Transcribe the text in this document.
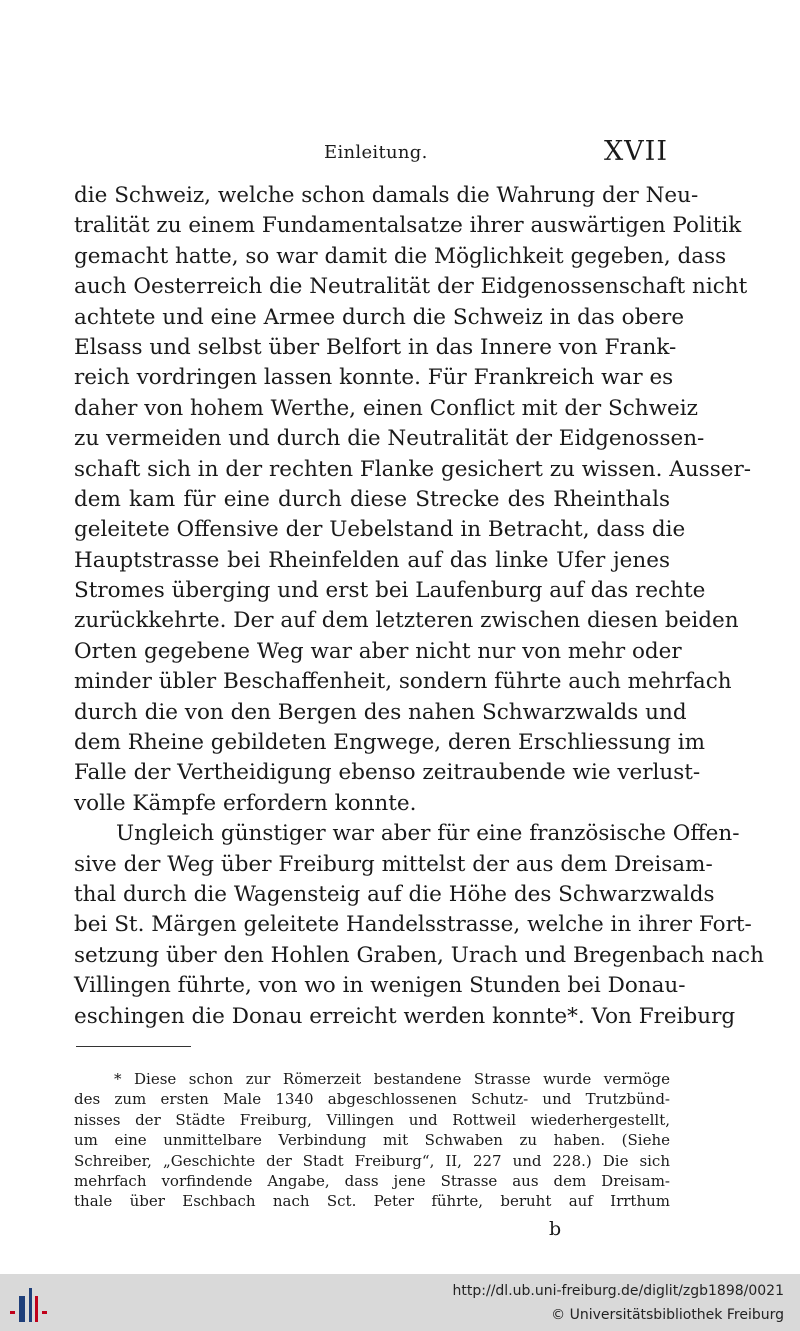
Einleitung.	XVII
die Schweiz, welche schon damals die Wahrung der Neu-
tralität zu einem Fundamentalsatze ihrer auswärtigen Politik
gemacht hatte, so war damit die Möglichkeit gegeben, dass
auch Oesterreich die Neutralität der Eidgenossenschaft nicht
achtete und eine Armee durch die Schweiz in das obere
Elsass und selbst über Belfort in das Innere von Frank-
reich vordringen lassen konnte. Für Frankreich war es
daher von hohem Werthe, einen Conflict mit der Schweiz
zu vermeiden und durch die Neutralität der Eidgenossen-
schaft sich in der rechten Flanke gesichert zu wissen. Ausser-
dem kam für eine durch diese Strecke des Rheinthals
geleitete Offensive der Uebelstand in Betracht, dass die
Hauptstrasse bei Rheinfelden auf das linke Ufer jenes
Stromes überging und erst bei Laufenburg auf das rechte
zurückkehrte. Der auf dem letzteren zwischen diesen beiden
Orten gegebene Weg war aber nicht nur von mehr oder
minder übler Beschaffenheit, sondern führte auch mehrfach
durch die von den Bergen des nahen Schwarzwalds und
dem Rheine gebildeten Engwege, deren Erschliessung im
Falle der Vertheidigung ebenso zeitraubende wie verlust-
volle Kämpfe erfordern konnte.
Ungleich günstiger war aber für eine französische Offen-
sive der Weg über Freiburg mittelst der aus dem Dreisam-
thal durch die Wagensteig auf die Höhe des Schwarzwalds
bei St. Märgen geleitete Handelsstrasse, welche in ihrer Fort-
setzung über den Hohlen Graben, Urach und Bregenbach nach
Villingen führte, von wo in wenigen Stunden bei Donau-
eschingen die Donau erreicht werden konnte*. Von Freiburg
* Diese schon zur Römerzeit bestandene Strasse wurde vermöge
des zum ersten Male 1340 abgeschlossenen Schutz- und Trutzbünd-
nisses der Städte Freiburg, Villingen und Rottweil wiederhergestellt,
um eine unmittelbare Verbindung mit Schwaben zu haben. (Siehe
Schreiber, „Geschichte der Stadt Freiburg“, II, 227 und 228.) Die sich
mehrfach vorfindende Angabe, dass jene Strasse aus dem Dreisam-
thale über Eschbach nach Sct. Peter führte, beruht auf Irrthum
b
http://dl.ub.uni-freiburg.de/diglit/zgb1898/0021
© Universitätsbibliothek Freiburg
